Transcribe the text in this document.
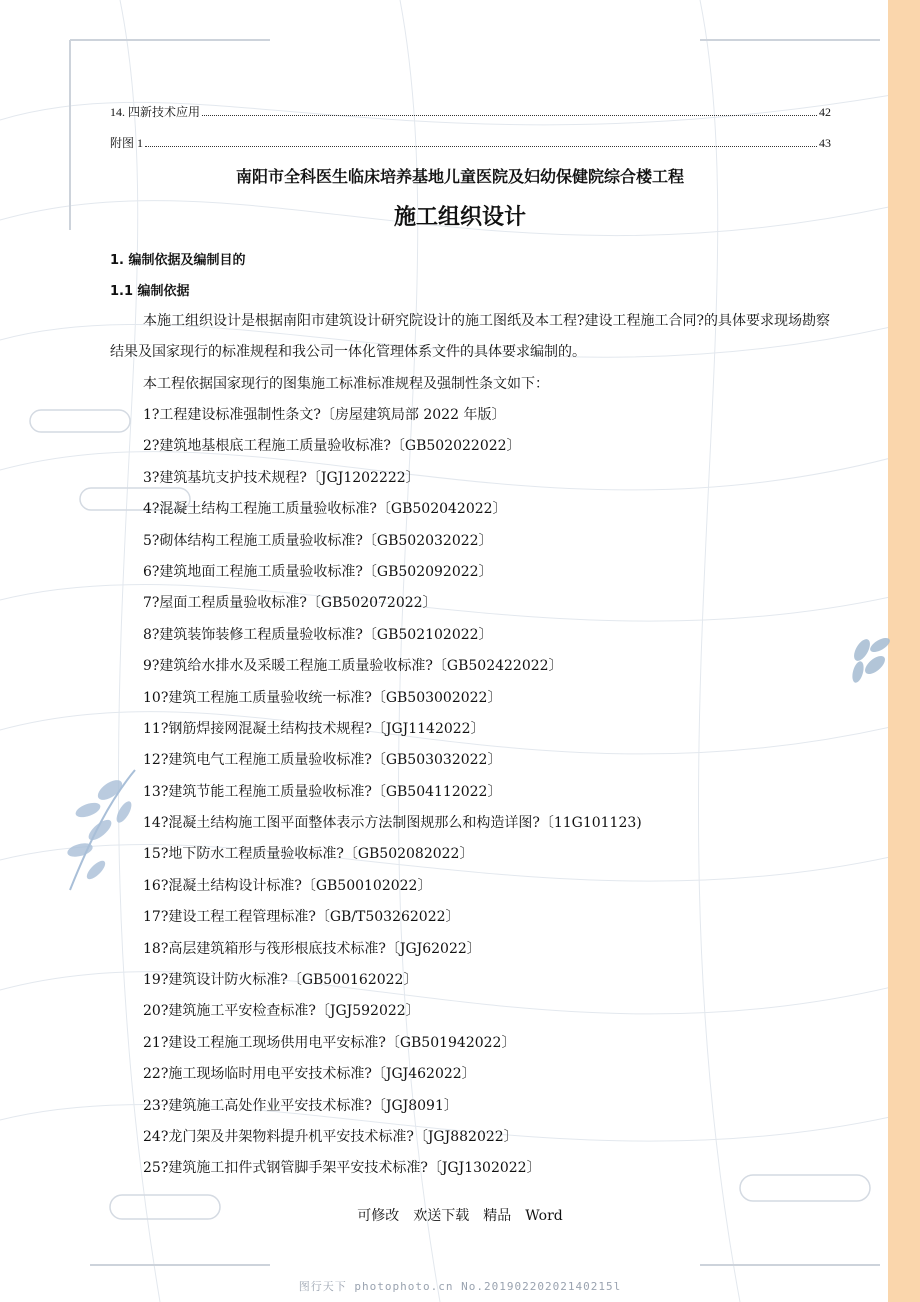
14. 四新技术应用	42
附图 1	43
南阳市全科医生临床培养基地儿童医院及妇幼保健院综合楼工程
施工组织设计
1. 编制依据及编制目的
1.1 编制依据
本施工组织设计是根据南阳市建筑设计研究院设计的施工图纸及本工程?建设工程施工合同?的具体要求现场勘察结果及国家现行的标准规程和我公司一体化管理体系文件的具体要求编制的。
本工程依据国家现行的图集施工标准标准规程及强制性条文如下：
1?工程建设标准强制性条文?〔房屋建筑局部 2022 年版〕
2?建筑地基根底工程施工质量验收标准?〔GB502022022〕
3?建筑基坑支护技术规程?〔JGJ1202222〕
4?混凝土结构工程施工质量验收标准?〔GB502042022〕
5?砌体结构工程施工质量验收标准?〔GB502032022〕
6?建筑地面工程施工质量验收标准?〔GB502092022〕
7?屋面工程质量验收标准?〔GB502072022〕
8?建筑装饰装修工程质量验收标准?〔GB502102022〕
9?建筑给水排水及采暖工程施工质量验收标准?〔GB502422022〕
10?建筑工程施工质量验收统一标准?〔GB503002022〕
11?钢筋焊接网混凝土结构技术规程?〔JGJ1142022〕
12?建筑电气工程施工质量验收标准?〔GB503032022〕
13?建筑节能工程施工质量验收标准?〔GB504112022〕
14?混凝土结构施工图平面整体表示方法制图规那么和构造详图?〔11G101123)
15?地下防水工程质量验收标准?〔GB502082022〕
16?混凝土结构设计标准?〔GB500102022〕
17?建设工程工程管理标准?〔GB/T503262022〕
18?高层建筑箱形与筏形根底技术标准?〔JGJ62022〕
19?建筑设计防火标准?〔GB500162022〕
20?建筑施工平安检查标准?〔JGJ592022〕
21?建设工程施工现场供用电平安标准?〔GB501942022〕
22?施工现场临时用电平安技术标准?〔JGJ462022〕
23?建筑施工高处作业平安技术标准?〔JGJ8091〕
24?龙门架及井架物料提升机平安技术标准?〔JGJ882022〕
25?建筑施工扣件式钢管脚手架平安技术标准?〔JGJ1302022〕
可修改　欢送下载　精品　Word
图行天下 photophoto.cn No.20190220202140215l
